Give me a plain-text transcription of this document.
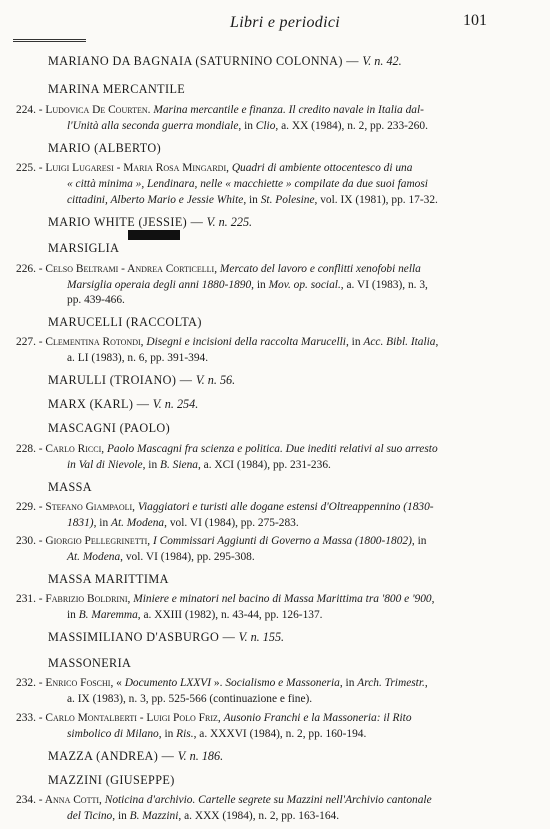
Libri e periodici	101
MARIANO DA BAGNAIA (SATURNINO COLONNA) — V. n. 42.
MARINA MERCANTILE
224. - Ludovica De Courten. Marina mercantile e finanza. Il credito navale in Italia dal-
l'Unità alla seconda guerra mondiale, in Clio, a. XX (1984), n. 2, pp. 233-260.
MARIO (ALBERTO)
225. - Luigi Lugaresi - Maria Rosa Mingardi, Quadri di ambiente ottocentesco di una
« città minima », Lendinara, nelle « macchiette » compilate da due suoi famosi
cittadini, Alberto Mario e Jessie White, in St. Polesine, vol. IX (1981), pp. 17-32.
MARIO WHITE (JESSIE) — V. n. 225.
MARSIGLIA
226. - Celso Beltrami - Andrea Corticelli, Mercato del lavoro e conflitti xenofobi nella
Marsiglia operaia degli anni 1880-1890, in Mov. op. social., a. VI (1983), n. 3,
pp. 439-466.
MARUCELLI (RACCOLTA)
227. - Clementina Rotondi, Disegni e incisioni della raccolta Marucelli, in Acc. Bibl. Italia,
a. LI (1983), n. 6, pp. 391-394.
MARULLI (TROIANO) — V. n. 56.
MARX (KARL) — V. n. 254.
MASCAGNI (PAOLO)
228. - Carlo Ricci, Paolo Mascagni fra scienza e politica. Due inediti relativi al suo arresto
in Val di Nievole, in B. Siena, a. XCI (1984), pp. 231-236.
MASSA
229. - Stefano Giampaoli, Viaggiatori e turisti alle dogane estensi d'Oltreappennino (1830-
1831), in At. Modena, vol. VI (1984), pp. 275-283.
230. - Giorgio Pellegrinetti, I Commissari Aggiunti di Governo a Massa (1800-1802), in
At. Modena, vol. VI (1984), pp. 295-308.
MASSA MARITTIMA
231. - Fabrizio Boldrini, Miniere e minatori nel bacino di Massa Marittima tra '800 e '900,
in B. Maremma, a. XXIII (1982), n. 43-44, pp. 126-137.
MASSIMILIANO D'ASBURGO — V. n. 155.
MASSONERIA
232. - Enrico Foschi, « Documento LXXVI ». Socialismo e Massoneria, in Arch. Trimestr.,
a. IX (1983), n. 3, pp. 525-566 (continuazione e fine).
233. - Carlo Montalberti - Luigi Polo Friz, Ausonio Franchi e la Massoneria: il Rito
simbolico di Milano, in Ris., a. XXXVI (1984), n. 2, pp. 160-194.
MAZZA (ANDREA) — V. n. 186.
MAZZINI (GIUSEPPE)
234. - Anna Cotti, Noticina d'archivio. Cartelle segrete su Mazzini nell'Archivio cantonale
del Ticino, in B. Mazzini, a. XXX (1984), n. 2, pp. 163-164.
